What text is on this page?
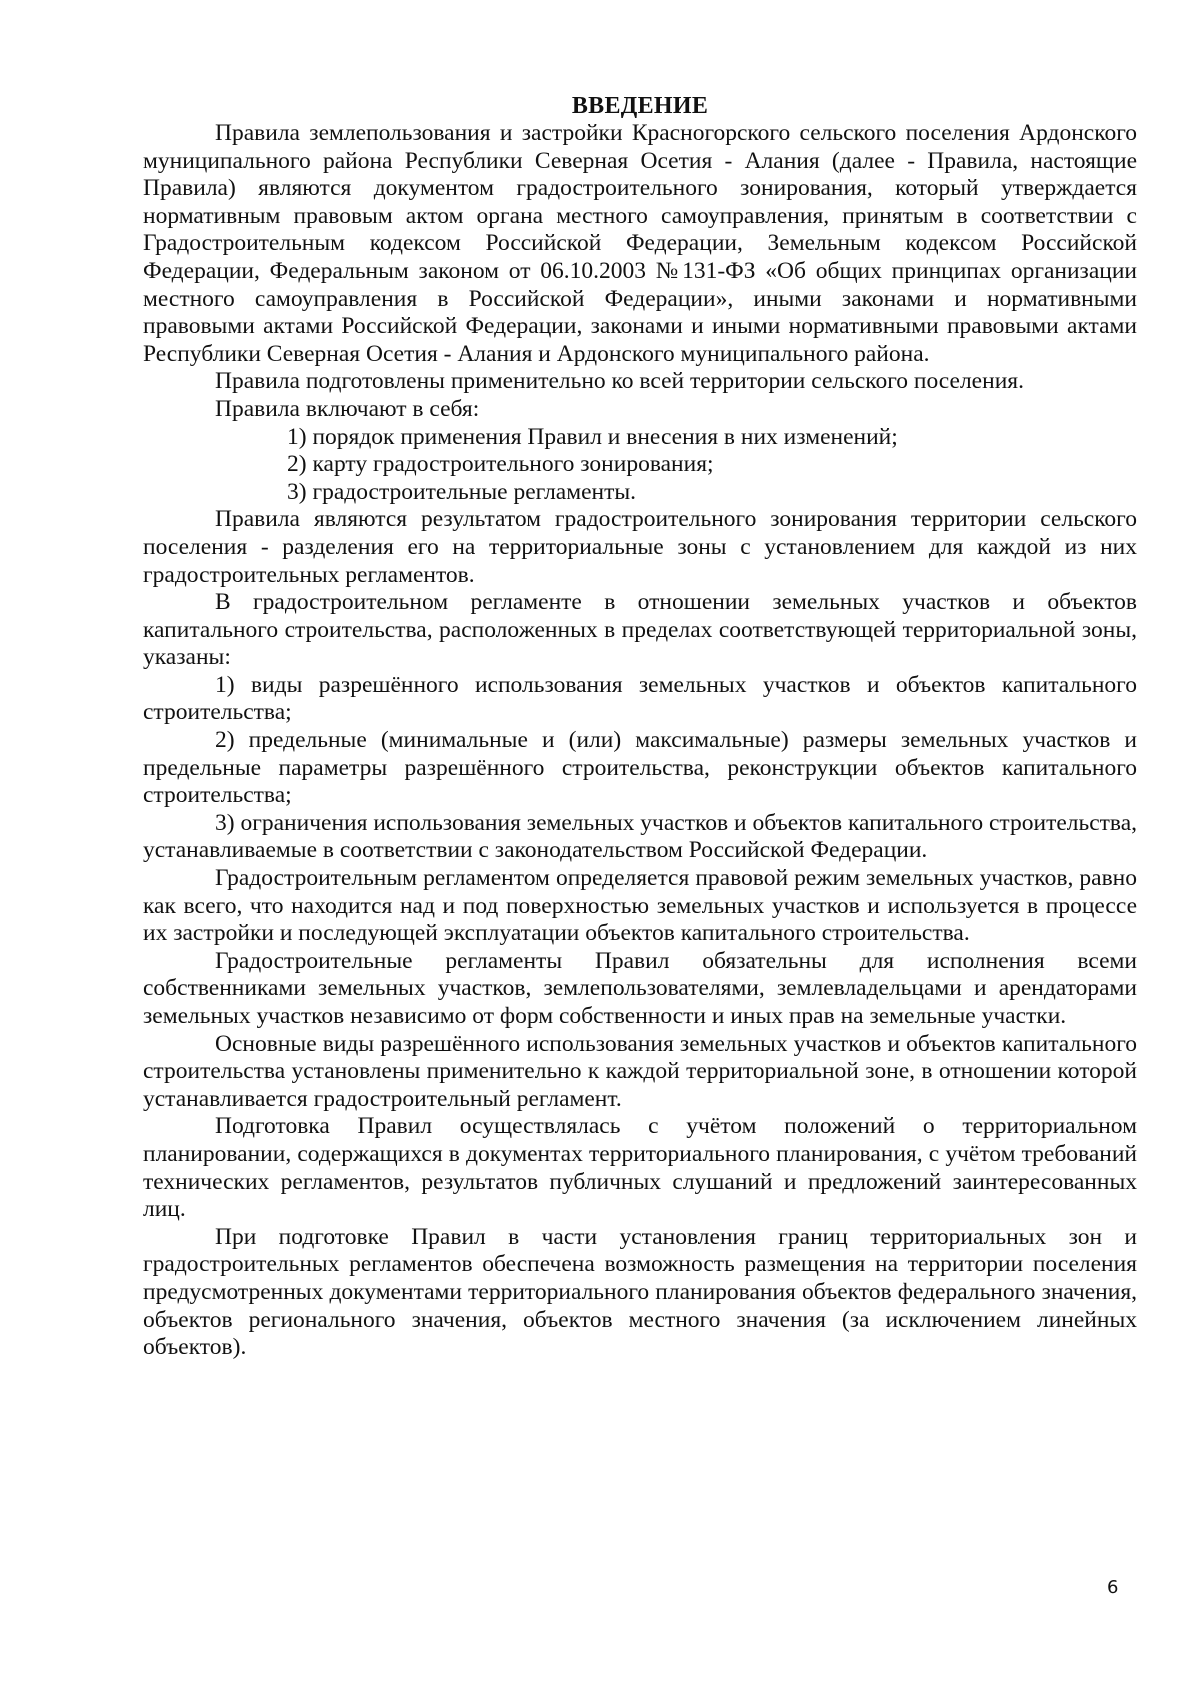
ВВЕДЕНИЕ

Правила землепользования и застройки Красногорского сельского поселения Ардонского муниципального района Республики Северная Осетия - Алания (далее - Правила, настоящие Правила) являются документом градостроительного зонирования, который утверждается нормативным правовым актом органа местного самоуправления, принятым в соответствии с Градостроительным кодексом Российской Федерации, Земельным кодексом Российской Федерации, Федеральным законом от 06.10.2003 №131-ФЗ «Об общих принципах организации местного самоуправления в Российской Федерации», иными законами и нормативными правовыми актами Российской Федерации, законами и иными нормативными правовыми актами Республики Северная Осетия - Алания и Ардонского муниципального района.

Правила подготовлены применительно ко всей территории сельского поселения.

Правила включают в себя:

1) порядок применения Правил и внесения в них изменений;

2) карту градостроительного зонирования;

3) градостроительные регламенты.

Правила являются результатом градостроительного зонирования территории сельского поселения - разделения его на территориальные зоны с установлением для каждой из них градостроительных регламентов.

В градостроительном регламенте в отношении земельных участков и объектов капитального строительства, расположенных в пределах соответствующей территориальной зоны, указаны:

1) виды разрешённого использования земельных участков и объектов капитального строительства;

2) предельные (минимальные и (или) максимальные) размеры земельных участков и предельные параметры разрешённого строительства, реконструкции объектов капитального строительства;

3) ограничения использования земельных участков и объектов капитального строительства, устанавливаемые в соответствии с законодательством Российской Федерации.

Градостроительным регламентом определяется правовой режим земельных участков, равно как всего, что находится над и под поверхностью земельных участков и используется в процессе их застройки и последующей эксплуатации объектов капитального строительства.

Градостроительные регламенты Правил обязательны для исполнения всеми собственниками земельных участков, землепользователями, землевладельцами и арендаторами земельных участков независимо от форм собственности и иных прав на земельные участки.

Основные виды разрешённого использования земельных участков и объектов капитального строительства установлены применительно к каждой территориальной зоне, в отношении которой устанавливается градостроительный регламент.

Подготовка Правил осуществлялась с учётом положений о территориальном планировании, содержащихся в документах территориального планирования, с учётом требований технических регламентов, результатов публичных слушаний и предложений заинтересованных лиц.

При подготовке Правил в части установления границ территориальных зон и градостроительных регламентов обеспечена возможность размещения на территории поселения предусмотренных документами территориального планирования объектов федерального значения, объектов регионального значения, объектов местного значения (за исключением линейных объектов).

6
